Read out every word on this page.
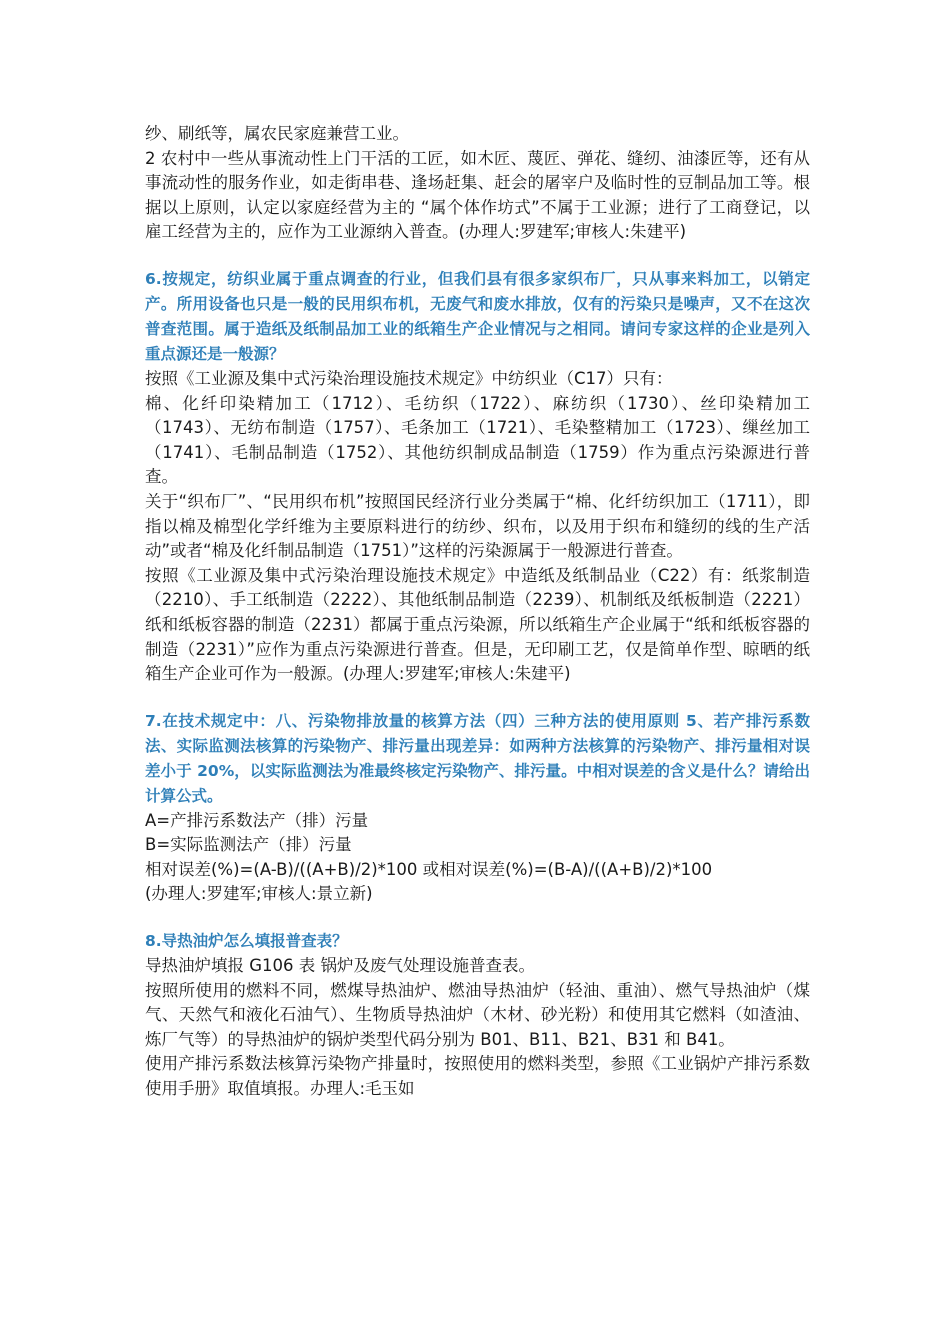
纱、刷纸等，属农民家庭兼营工业。

2 农村中一些从事流动性上门干活的工匠，如木匠、蔑匠、弹花、缝纫、油漆匠等，还有从事流动性的服务作业，如走街串巷、逢场赶集、赶会的屠宰户及临时性的豆制品加工等。根据以上原则，认定以家庭经营为主的 “属个体作坊式”不属于工业源；进行了工商登记，以雇工经营为主的，应作为工业源纳入普查。(办理人:罗建军;审核人:朱建平)

6.按规定，纺织业属于重点调查的行业，但我们县有很多家织布厂，只从事来料加工，以销定产。所用设备也只是一般的民用织布机，无废气和废水排放，仅有的污染只是噪声，又不在这次普查范围。属于造纸及纸制品加工业的纸箱生产企业情况与之相同。请问专家这样的企业是列入重点源还是一般源？

按照《工业源及集中式污染治理设施技术规定》中纺织业（C17）只有：

棉、化纤印染精加工（1712）、毛纺织（1722）、麻纺织（1730）、丝印染精加工（1743）、无纺布制造（1757）、毛条加工（1721）、毛染整精加工（1723）、缫丝加工（1741）、毛制品制造（1752）、其他纺织制成品制造（1759）作为重点污染源进行普查。

关于“织布厂”、“民用织布机”按照国民经济行业分类属于“棉、化纤纺织加工（1711），即指以棉及棉型化学纤维为主要原料进行的纺纱、织布，以及用于织布和缝纫的线的生产活动”或者“棉及化纤制品制造（1751）”这样的污染源属于一般源进行普查。

按照《工业源及集中式污染治理设施技术规定》中造纸及纸制品业（C22）有：纸浆制造（2210）、手工纸制造（2222）、其他纸制品制造（2239）、机制纸及纸板制造（2221）纸和纸板容器的制造（2231）都属于重点污染源，所以纸箱生产企业属于“纸和纸板容器的制造（2231）”应作为重点污染源进行普查。但是，无印刷工艺，仅是简单作型、晾晒的纸箱生产企业可作为一般源。(办理人:罗建军;审核人:朱建平)

7.在技术规定中：八、污染物排放量的核算方法（四）三种方法的使用原则 5、若产排污系数法、实际监测法核算的污染物产、排污量出现差异：如两种方法核算的污染物产、排污量相对误差小于 20%，以实际监测法为准最终核定污染物产、排污量。中相对误差的含义是什么？请给出计算公式。

A=产排污系数法产（排）污量

B=实际监测法产（排）污量

相对误差(%)=(A-B)/((A+B)/2)*100 或相对误差(%)=(B-A)/((A+B)/2)*100

(办理人:罗建军;审核人:景立新)

8.导热油炉怎么填报普查表？

导热油炉填报 G106 表 锅炉及废气处理设施普查表。

按照所使用的燃料不同，燃煤导热油炉、燃油导热油炉（轻油、重油）、燃气导热油炉（煤气、天然气和液化石油气）、生物质导热油炉（木材、砂光粉）和使用其它燃料（如渣油、炼厂气等）的导热油炉的锅炉类型代码分别为 B01、B11、B21、B31 和 B41。

使用产排污系数法核算污染物产排量时，按照使用的燃料类型，参照《工业锅炉产排污系数使用手册》取值填报。办理人:毛玉如
